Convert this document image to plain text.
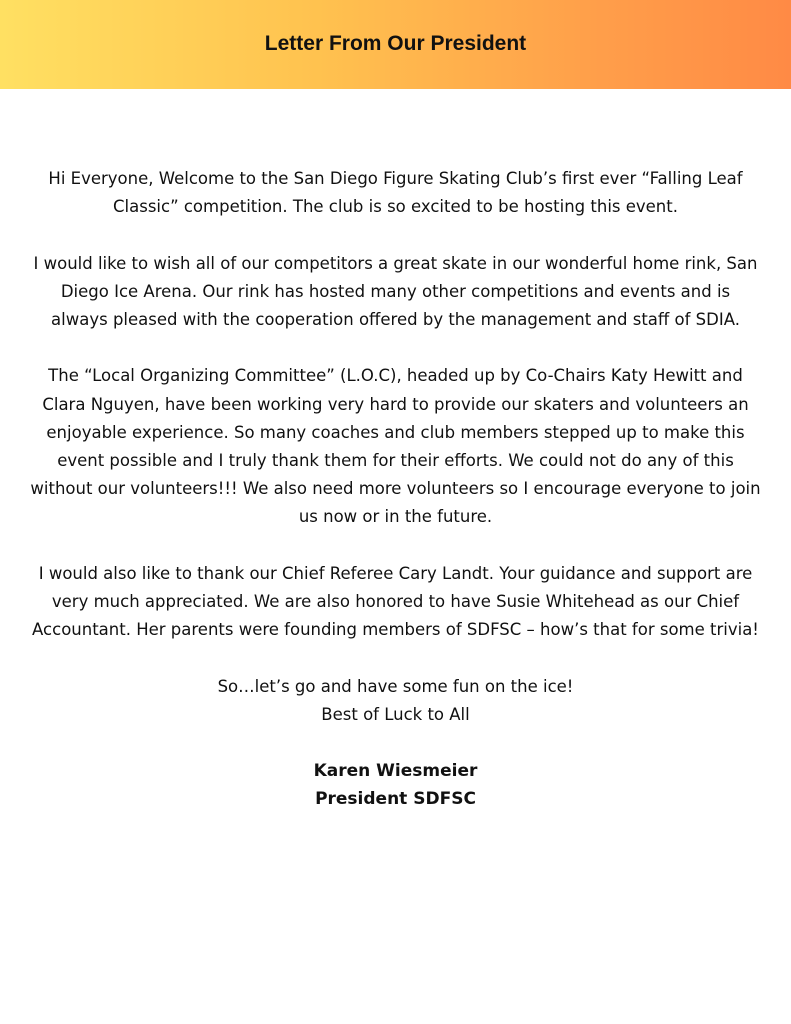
Letter From Our President

Hi Everyone, Welcome to the San Diego Figure Skating Club’s first ever “Falling Leaf Classic” competition. The club is so excited to be hosting this event.

I would like to wish all of our competitors a great skate in our wonderful home rink, San Diego Ice Arena. Our rink has hosted many other competitions and events and is always pleased with the cooperation offered by the management and staff of SDIA.

The “Local Organizing Committee” (L.O.C), headed up by Co-Chairs Katy Hewitt and Clara Nguyen, have been working very hard to provide our skaters and volunteers an enjoyable experience. So many coaches and club members stepped up to make this event possible and I truly thank them for their efforts. We could not do any of this without our volunteers!!! We also need more volunteers so I encourage everyone to join us now or in the future.

I would also like to thank our Chief Referee Cary Landt. Your guidance and support are very much appreciated. We are also honored to have Susie Whitehead as our Chief Accountant. Her parents were founding members of SDFSC – how’s that for some trivia!

So…let’s go and have some fun on the ice!
Best of Luck to All
Karen Wiesmeier
President SDFSC
